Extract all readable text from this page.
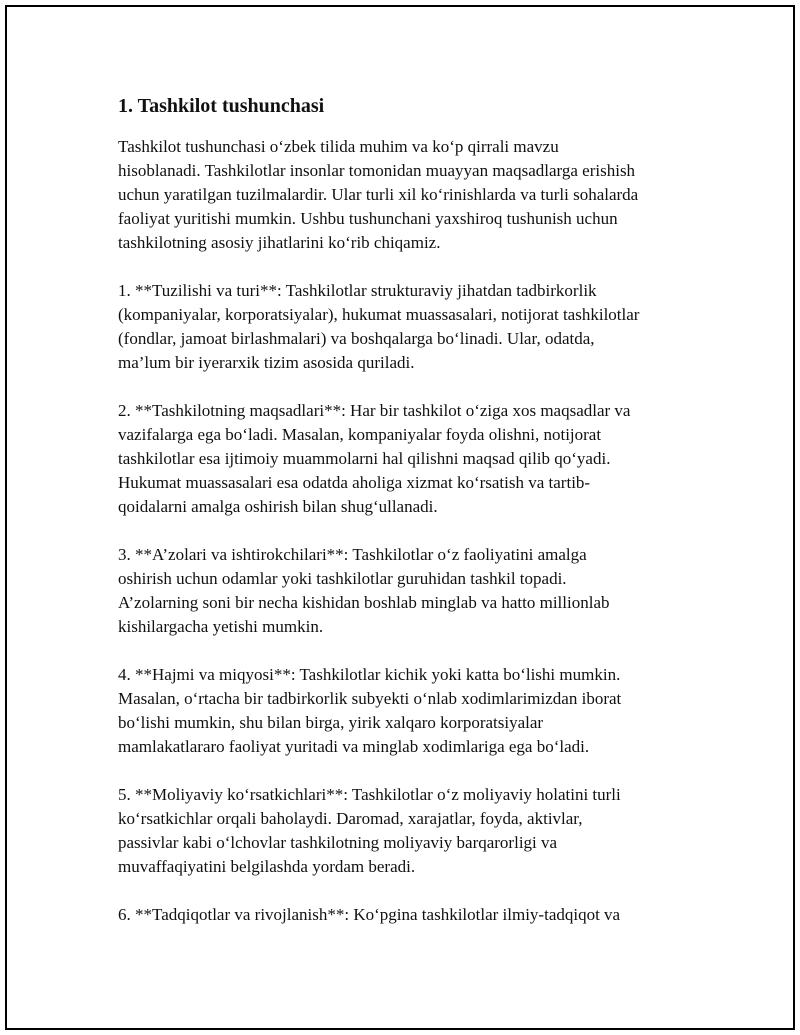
1. Tashkilot tushunchasi
Tashkilot tushunchasi o‘zbek tilida muhim va ko‘p qirrali mavzu
hisoblanadi. Tashkilotlar insonlar tomonidan muayyan maqsadlarga erishish
uchun yaratilgan tuzilmalardir. Ular turli xil ko‘rinishlarda va turli sohalarda
faoliyat yuritishi mumkin. Ushbu tushunchani yaxshiroq tushunish uchun
tashkilotning asosiy jihatlarini ko‘rib chiqamiz.
1. **Tuzilishi va turi**: Tashkilotlar strukturaviy jihatdan tadbirkorlik
(kompaniyalar, korporatsiyalar), hukumat muassasalari, notijorat tashkilotlar
(fondlar, jamoat birlashmalari) va boshqalarga bo‘linadi. Ular, odatda,
ma’lum bir iyerarxik tizim asosida quriladi.
2. **Tashkilotning maqsadlari**: Har bir tashkilot o‘ziga xos maqsadlar va
vazifalarga ega bo‘ladi. Masalan, kompaniyalar foyda olishni, notijorat
tashkilotlar esa ijtimoiy muammolarni hal qilishni maqsad qilib qo‘yadi.
Hukumat muassasalari esa odatda aholiga xizmat ko‘rsatish va tartib-
qoidalarni amalga oshirish bilan shug‘ullanadi.
3. **A’zolari va ishtirokchilari**: Tashkilotlar o‘z faoliyatini amalga
oshirish uchun odamlar yoki tashkilotlar guruhidan tashkil topadi.
A’zolarning soni bir necha kishidan boshlab minglab va hatto millionlab
kishilargacha yetishi mumkin.
4. **Hajmi va miqyosi**: Tashkilotlar kichik yoki katta bo‘lishi mumkin.
Masalan, o‘rtacha bir tadbirkorlik subyekti o‘nlab xodimlarimizdan iborat
bo‘lishi mumkin, shu bilan birga, yirik xalqaro korporatsiyalar
mamlakatlararo faoliyat yuritadi va minglab xodimlariga ega bo‘ladi.
5. **Moliyaviy ko‘rsatkichlari**: Tashkilotlar o‘z moliyaviy holatini turli
ko‘rsatkichlar orqali baholaydi. Daromad, xarajatlar, foyda, aktivlar,
passivlar kabi o‘lchovlar tashkilotning moliyaviy barqarorligi va
muvaffaqiyatini belgilashda yordam beradi.
6. **Tadqiqotlar va rivojlanish**: Ko‘pgina tashkilotlar ilmiy-tadqiqot va
